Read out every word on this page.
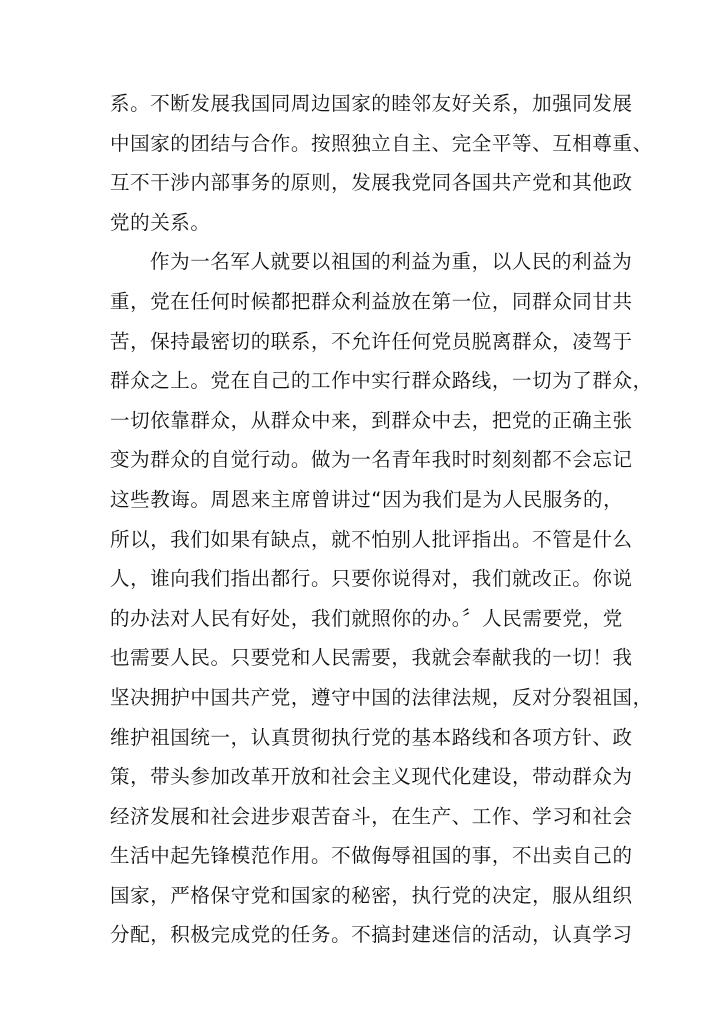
系。不断发展我国同周边国家的睦邻友好关系，加强同发展
中国家的团结与合作。按照独立自主、完全平等、互相尊重、
互不干涉内部事务的原则，发展我党同各国共产党和其他政
党的关系。
作为一名军人就要以祖国的利益为重，以人民的利益为
重，党在任何时候都把群众利益放在第一位，同群众同甘共
苦，保持最密切的联系，不允许任何党员脱离群众，凌驾于
群众之上。党在自己的工作中实行群众路线，一切为了群众，
一切依靠群众，从群众中来，到群众中去，把党的正确主张
变为群众的自觉行动。做为一名青年我时时刻刻都不会忘记
这些教诲。周恩来主席曾讲过“因为我们是为人民服务的，
所以，我们如果有缺点，就不怕别人批评指出。不管是什么
人，谁向我们指出都行。只要你说得对，我们就改正。你说
的办法对人民有好处，我们就照你的办。〞人民需要党，党
也需要人民。只要党和人民需要，我就会奉献我的一切！我
坚决拥护中国共产党，遵守中国的法律法规，反对分裂祖国，
维护祖国统一，认真贯彻执行党的基本路线和各项方针、政
策，带头参加改革开放和社会主义现代化建设，带动群众为
经济发展和社会进步艰苦奋斗，在生产、工作、学习和社会
生活中起先锋模范作用。不做侮辱祖国的事，不出卖自己的
国家，严格保守党和国家的秘密，执行党的决定，服从组织
分配，积极完成党的任务。不搞封建迷信的活动，认真学习
